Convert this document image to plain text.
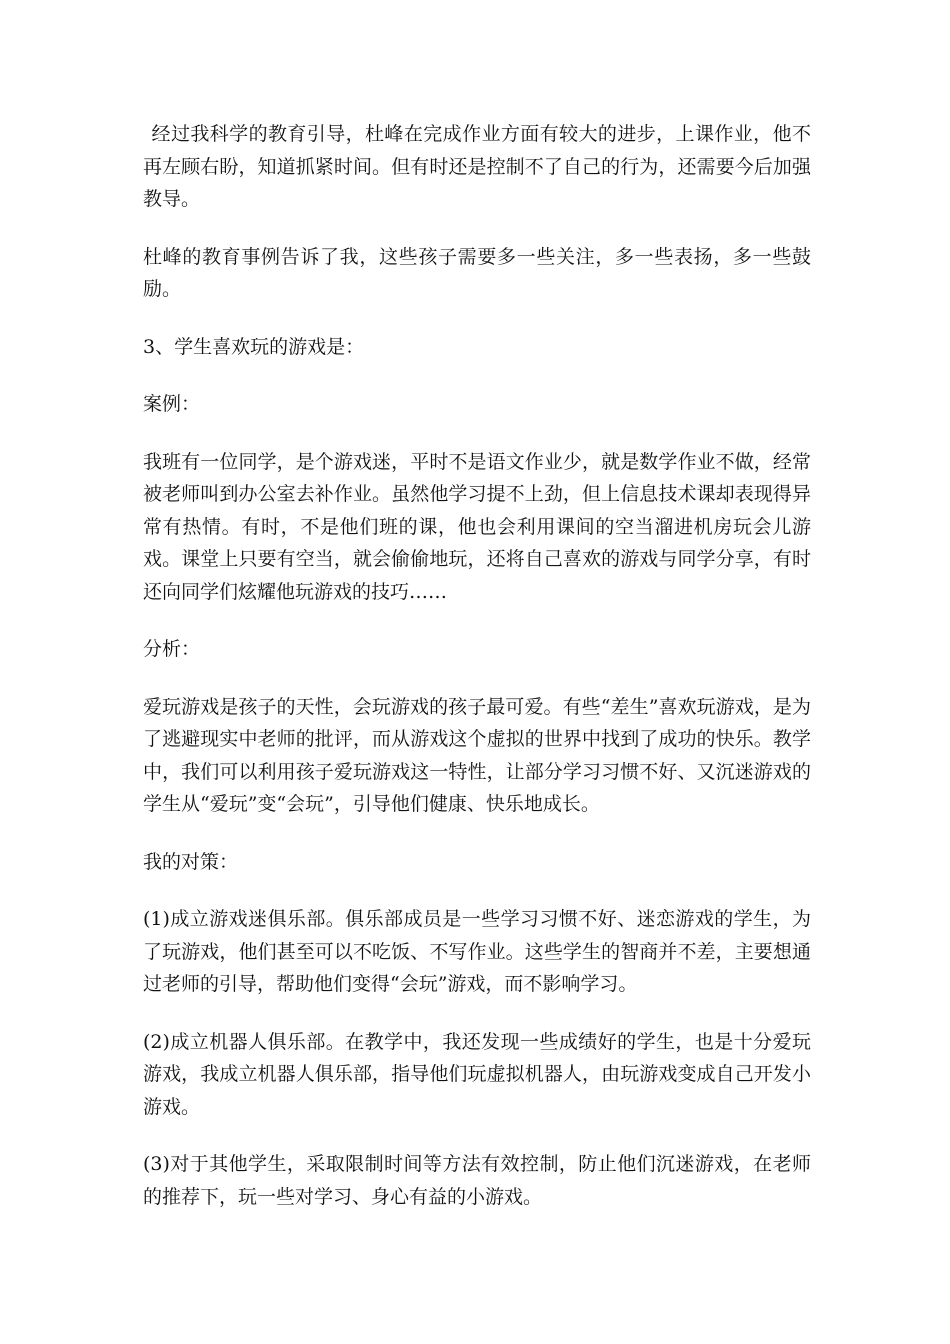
经过我科学的教育引导，杜峰在完成作业方面有较大的进步，上课作业，他不再左顾右盼，知道抓紧时间。但有时还是控制不了自己的行为，还需要今后加强教导。

杜峰的教育事例告诉了我，这些孩子需要多一些关注，多一些表扬，多一些鼓励。

3、学生喜欢玩的游戏是：

案例：

我班有一位同学，是个游戏迷，平时不是语文作业少，就是数学作业不做，经常被老师叫到办公室去补作业。虽然他学习提不上劲，但上信息技术课却表现得异常有热情。有时，不是他们班的课，他也会利用课间的空当溜进机房玩会儿游戏。课堂上只要有空当，就会偷偷地玩，还将自己喜欢的游戏与同学分享，有时还向同学们炫耀他玩游戏的技巧……

分析：

爱玩游戏是孩子的天性，会玩游戏的孩子最可爱。有些“差生”喜欢玩游戏，是为了逃避现实中老师的批评，而从游戏这个虚拟的世界中找到了成功的快乐。教学中，我们可以利用孩子爱玩游戏这一特性，让部分学习习惯不好、又沉迷游戏的学生从“爱玩”变“会玩”，引导他们健康、快乐地成长。

我的对策：

(1)成立游戏迷俱乐部。俱乐部成员是一些学习习惯不好、迷恋游戏的学生，为了玩游戏，他们甚至可以不吃饭、不写作业。这些学生的智商并不差，主要想通过老师的引导，帮助他们变得“会玩”游戏，而不影响学习。

(2)成立机器人俱乐部。在教学中，我还发现一些成绩好的学生，也是十分爱玩游戏，我成立机器人俱乐部，指导他们玩虚拟机器人，由玩游戏变成自己开发小游戏。

(3)对于其他学生，采取限制时间等方法有效控制，防止他们沉迷游戏，在老师的推荐下，玩一些对学习、身心有益的小游戏。
